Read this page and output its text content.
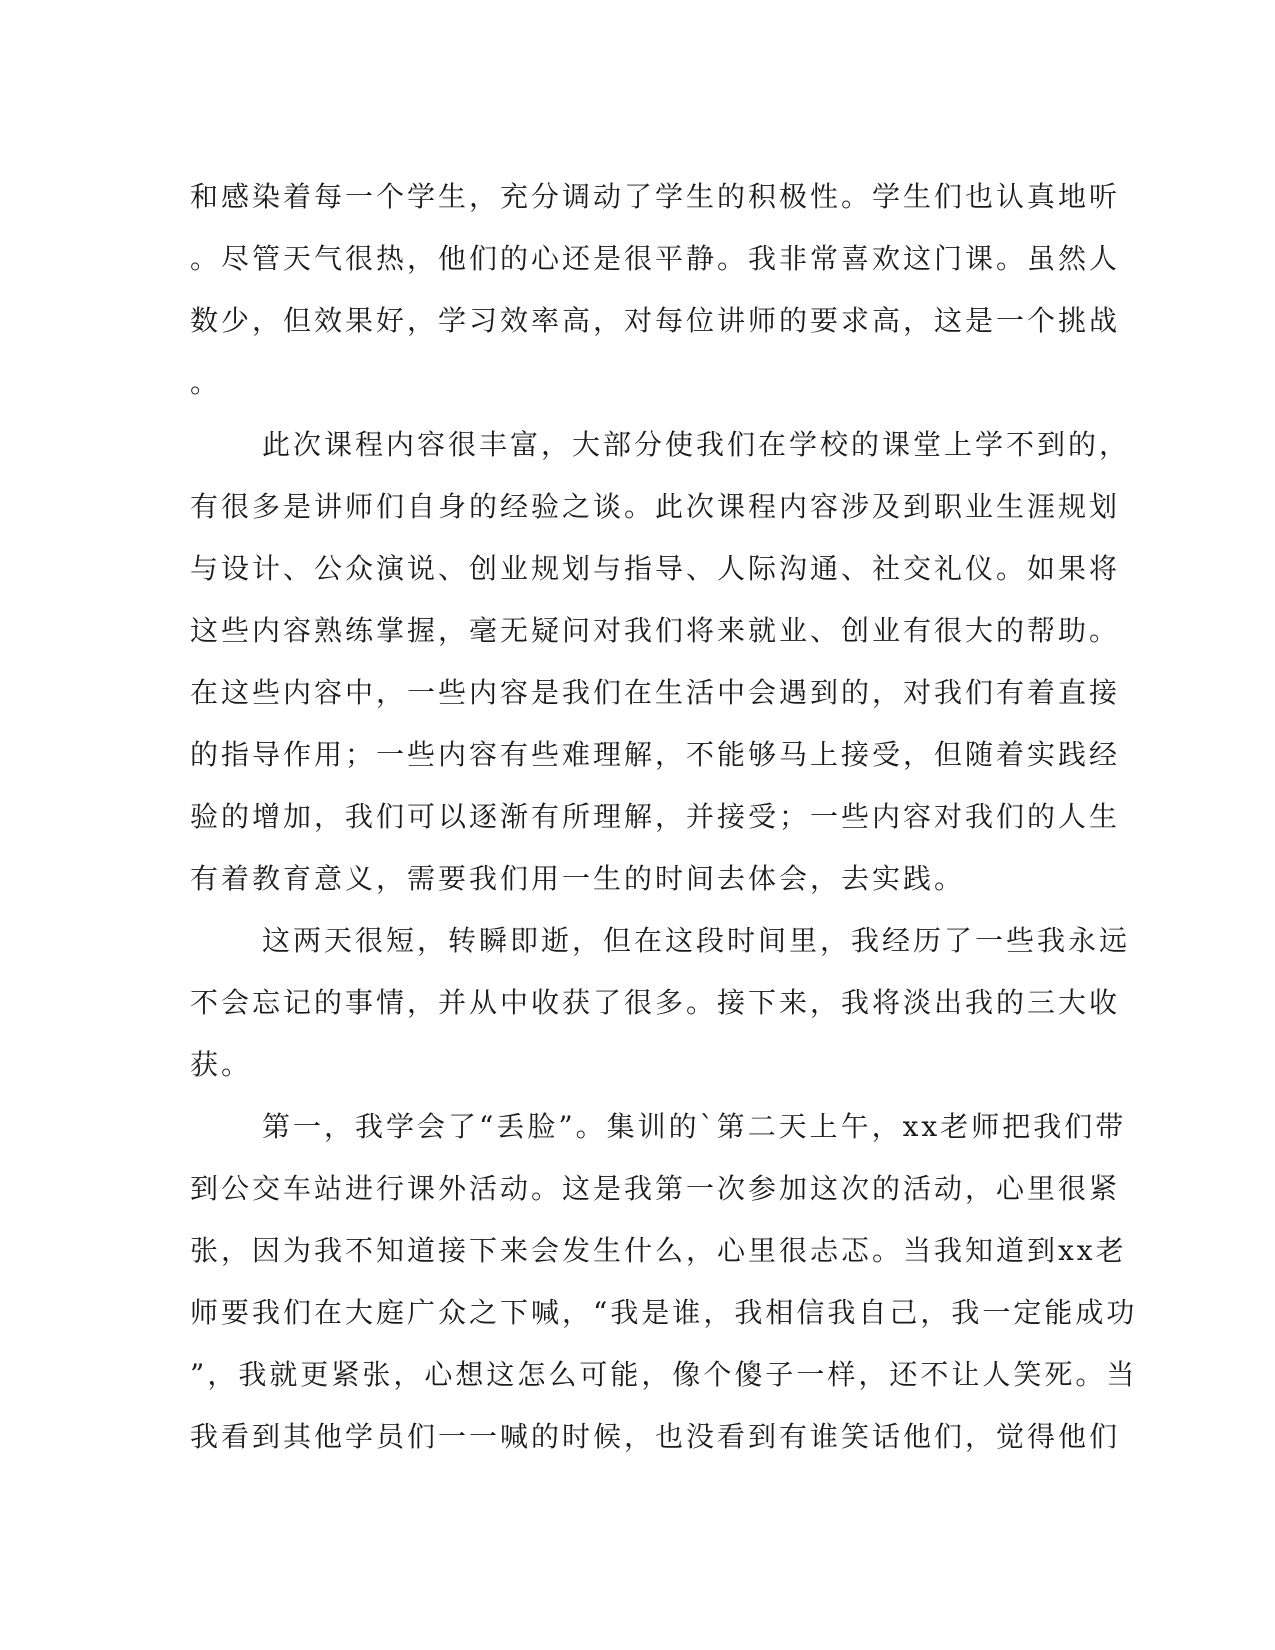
和感染着每一个学生，充分调动了学生的积极性。学生们也认真地听
。尽管天气很热，他们的心还是很平静。我非常喜欢这门课。虽然人
数少，但效果好，学习效率高，对每位讲师的要求高，这是一个挑战
。
此次课程内容很丰富，大部分使我们在学校的课堂上学不到的，
有很多是讲师们自身的经验之谈。此次课程内容涉及到职业生涯规划
与设计、公众演说、创业规划与指导、人际沟通、社交礼仪。如果将
这些内容熟练掌握，毫无疑问对我们将来就业、创业有很大的帮助。
在这些内容中，一些内容是我们在生活中会遇到的，对我们有着直接
的指导作用；一些内容有些难理解，不能够马上接受，但随着实践经
验的增加，我们可以逐渐有所理解，并接受；一些内容对我们的人生
有着教育意义，需要我们用一生的时间去体会，去实践。
这两天很短，转瞬即逝，但在这段时间里，我经历了一些我永远
不会忘记的事情，并从中收获了很多。接下来，我将淡出我的三大收
获。
第一，我学会了“丢脸”。集训的`第二天上午，xx老师把我们带
到公交车站进行课外活动。这是我第一次参加这次的活动，心里很紧
张，因为我不知道接下来会发生什么，心里很忐忑。当我知道到xx老
师要我们在大庭广众之下喊，“我是谁，我相信我自己，我一定能成功
”，我就更紧张，心想这怎么可能，像个傻子一样，还不让人笑死。当
我看到其他学员们一一喊的时候，也没看到有谁笑话他们，觉得他们
